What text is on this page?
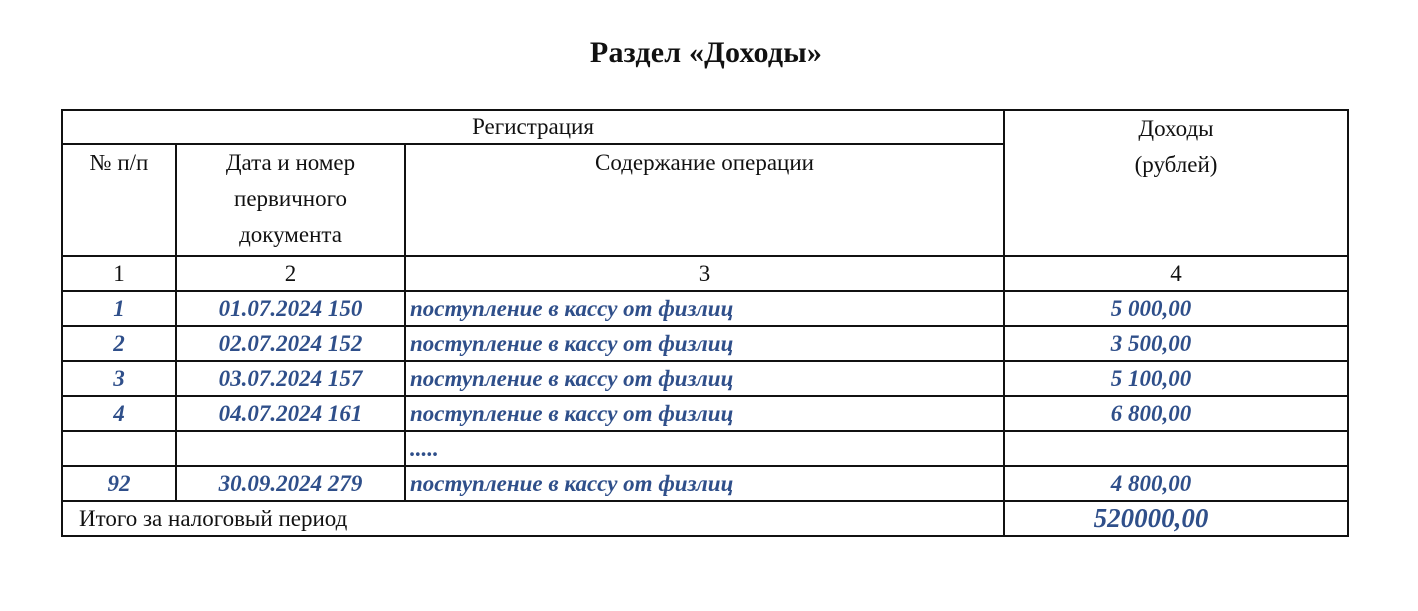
Раздел «Доходы»
Регистрация			Доходы
(рублей)
№ п/п	Дата и номер
первичного
документа	Содержание операции	
1	2	3	4
1	01.07.2024 150	поступление в кассу от физлиц	5 000,00
2	02.07.2024 152	поступление в кассу от физлиц	3 500,00
3	03.07.2024 157	поступление в кассу от физлиц	5 100,00
4	04.07.2024 161	поступление в кассу от физлиц	6 800,00
		.....	
92	30.09.2024 279	поступление в кассу от физлиц	4 800,00
Итого за налоговый период			520000,00
